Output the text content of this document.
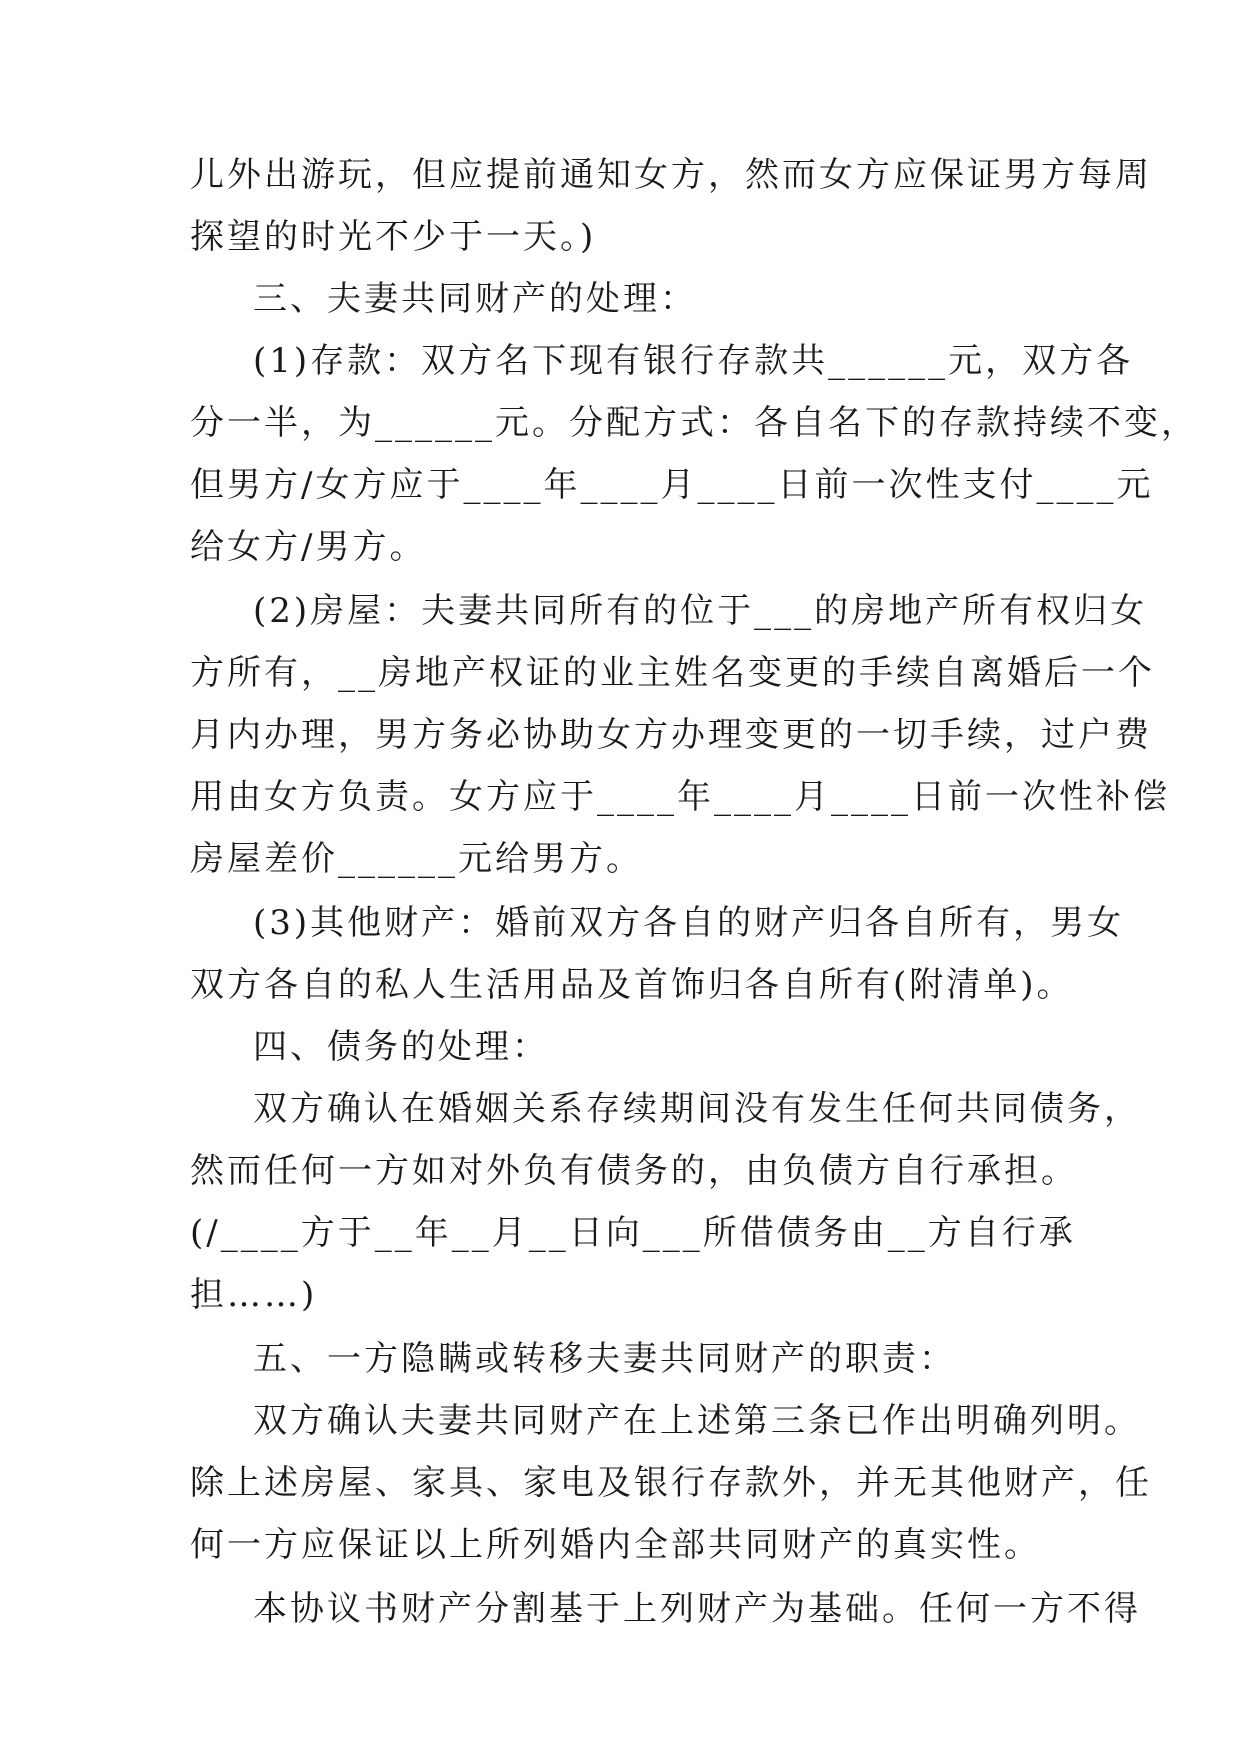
儿外出游玩，但应提前通知女方，然而女方应保证男方每周
探望的时光不少于一天。)
三、夫妻共同财产的处理：
(1)存款：双方名下现有银行存款共______元，双方各
分一半，为______元。分配方式：各自名下的存款持续不变，
但男方/女方应于____年____月____日前一次性支付____元
给女方/男方。
(2)房屋：夫妻共同所有的位于___的房地产所有权归女
方所有，__房地产权证的业主姓名变更的手续自离婚后一个
月内办理，男方务必协助女方办理变更的一切手续，过户费
用由女方负责。女方应于____年____月____日前一次性补偿
房屋差价______元给男方。
(3)其他财产：婚前双方各自的财产归各自所有，男女
双方各自的私人生活用品及首饰归各自所有(附清单)。
四、债务的处理：
双方确认在婚姻关系存续期间没有发生任何共同债务，
然而任何一方如对外负有债务的，由负债方自行承担。
(/____方于__年__月__日向___所借债务由__方自行承
担……)
五、一方隐瞒或转移夫妻共同财产的职责：
双方确认夫妻共同财产在上述第三条已作出明确列明。
除上述房屋、家具、家电及银行存款外，并无其他财产，任
何一方应保证以上所列婚内全部共同财产的真实性。
本协议书财产分割基于上列财产为基础。任何一方不得
